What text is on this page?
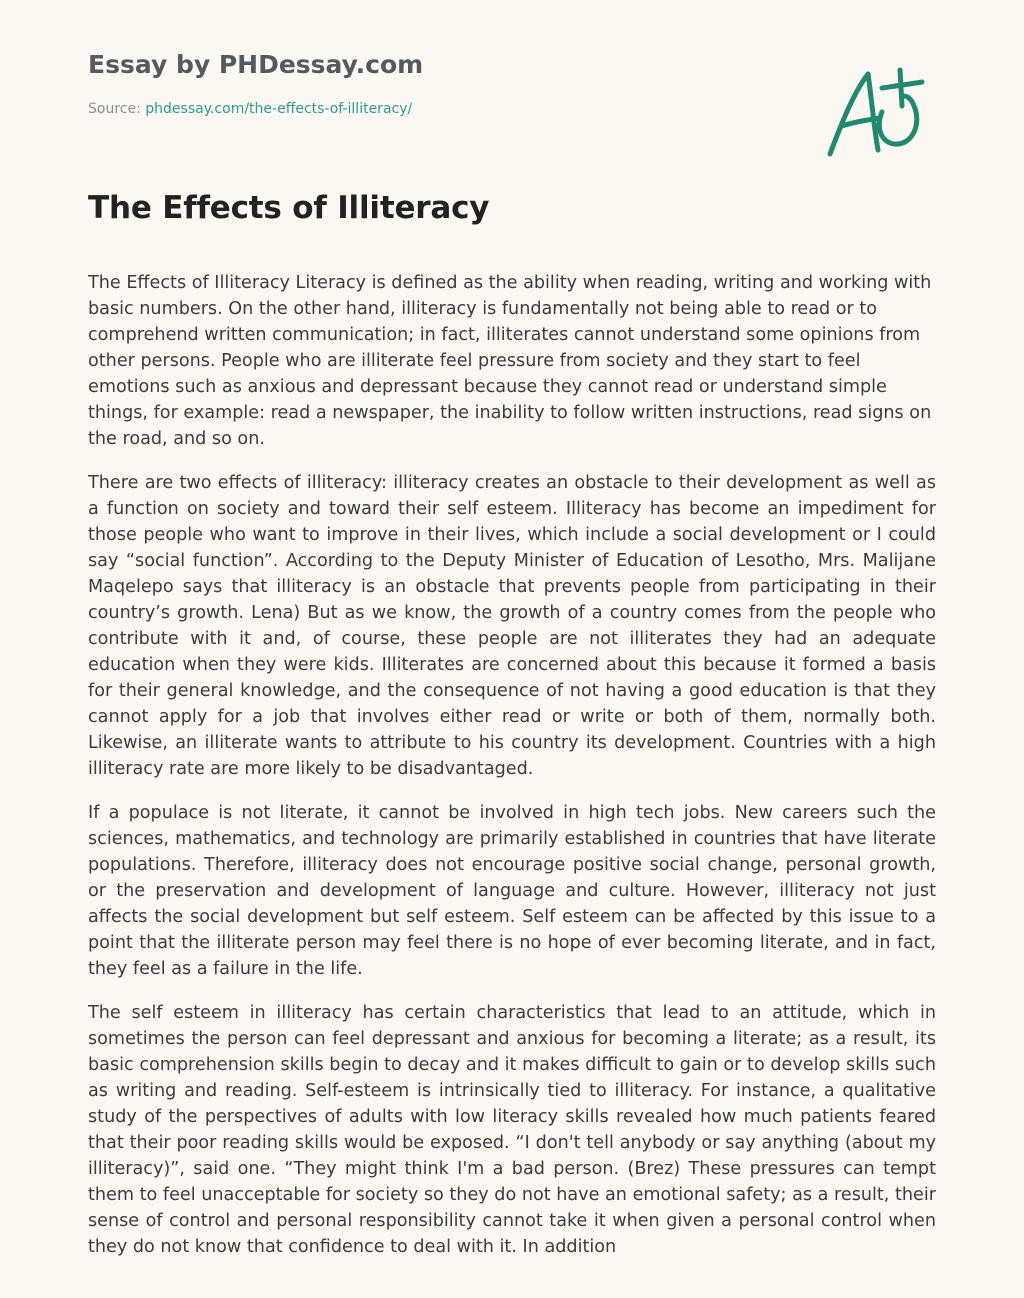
Essay by PHDessay.com
Source: phdessay.com/the-effects-of-illiteracy/
The Effects of Illiteracy

The Effects of Illiteracy Literacy is defined as the ability when reading, writing and working with basic numbers. On the other hand, illiteracy is fundamentally not being able to read or to comprehend written communication; in fact, illiterates cannot understand some opinions from other persons. People who are illiterate feel pressure from society and they start to feel emotions such as anxious and depressant because they cannot read or understand simple things, for example: read a newspaper, the inability to follow written instructions, read signs on the road, and so on.

There are two effects of illiteracy: illiteracy creates an obstacle to their development as well as a function on society and toward their self esteem. Illiteracy has become an impediment for those people who want to improve in their lives, which include a social development or I could say “social function”. According to the Deputy Minister of Education of Lesotho, Mrs. Malijane Maqelepo says that illiteracy is an obstacle that prevents people from participating in their country’s growth. Lena) But as we know, the growth of a country comes from the people who contribute with it and, of course, these people are not illiterates they had an adequate education when they were kids. Illiterates are concerned about this because it formed a basis for their general knowledge, and the consequence of not having a good education is that they cannot apply for a job that involves either read or write or both of them, normally both. Likewise, an illiterate wants to attribute to his country its development. Countries with a high illiteracy rate are more likely to be disadvantaged.

If a populace is not literate, it cannot be involved in high tech jobs. New careers such the sciences, mathematics, and technology are primarily established in countries that have literate populations. Therefore, illiteracy does not encourage positive social change, personal growth, or the preservation and development of language and culture. However, illiteracy not just affects the social development but self esteem. Self esteem can be affected by this issue to a point that the illiterate person may feel there is no hope of ever becoming literate, and in fact, they feel as a failure in the life.

The self esteem in illiteracy has certain characteristics that lead to an attitude, which in sometimes the person can feel depressant and anxious for becoming a literate; as a result, its basic comprehension skills begin to decay and it makes difficult to gain or to develop skills such as writing and reading. Self-esteem is intrinsically tied to illiteracy. For instance, a qualitative study of the perspectives of adults with low literacy skills revealed how much patients feared that their poor reading skills would be exposed. “I don't tell anybody or say anything (about my illiteracy)”, said one. “They might think I'm a bad person. (Brez) These pressures can tempt them to feel unacceptable for society so they do not have an emotional safety; as a result, their sense of control and personal responsibility cannot take it when given a personal control when they do not know that confidence to deal with it. In addition
